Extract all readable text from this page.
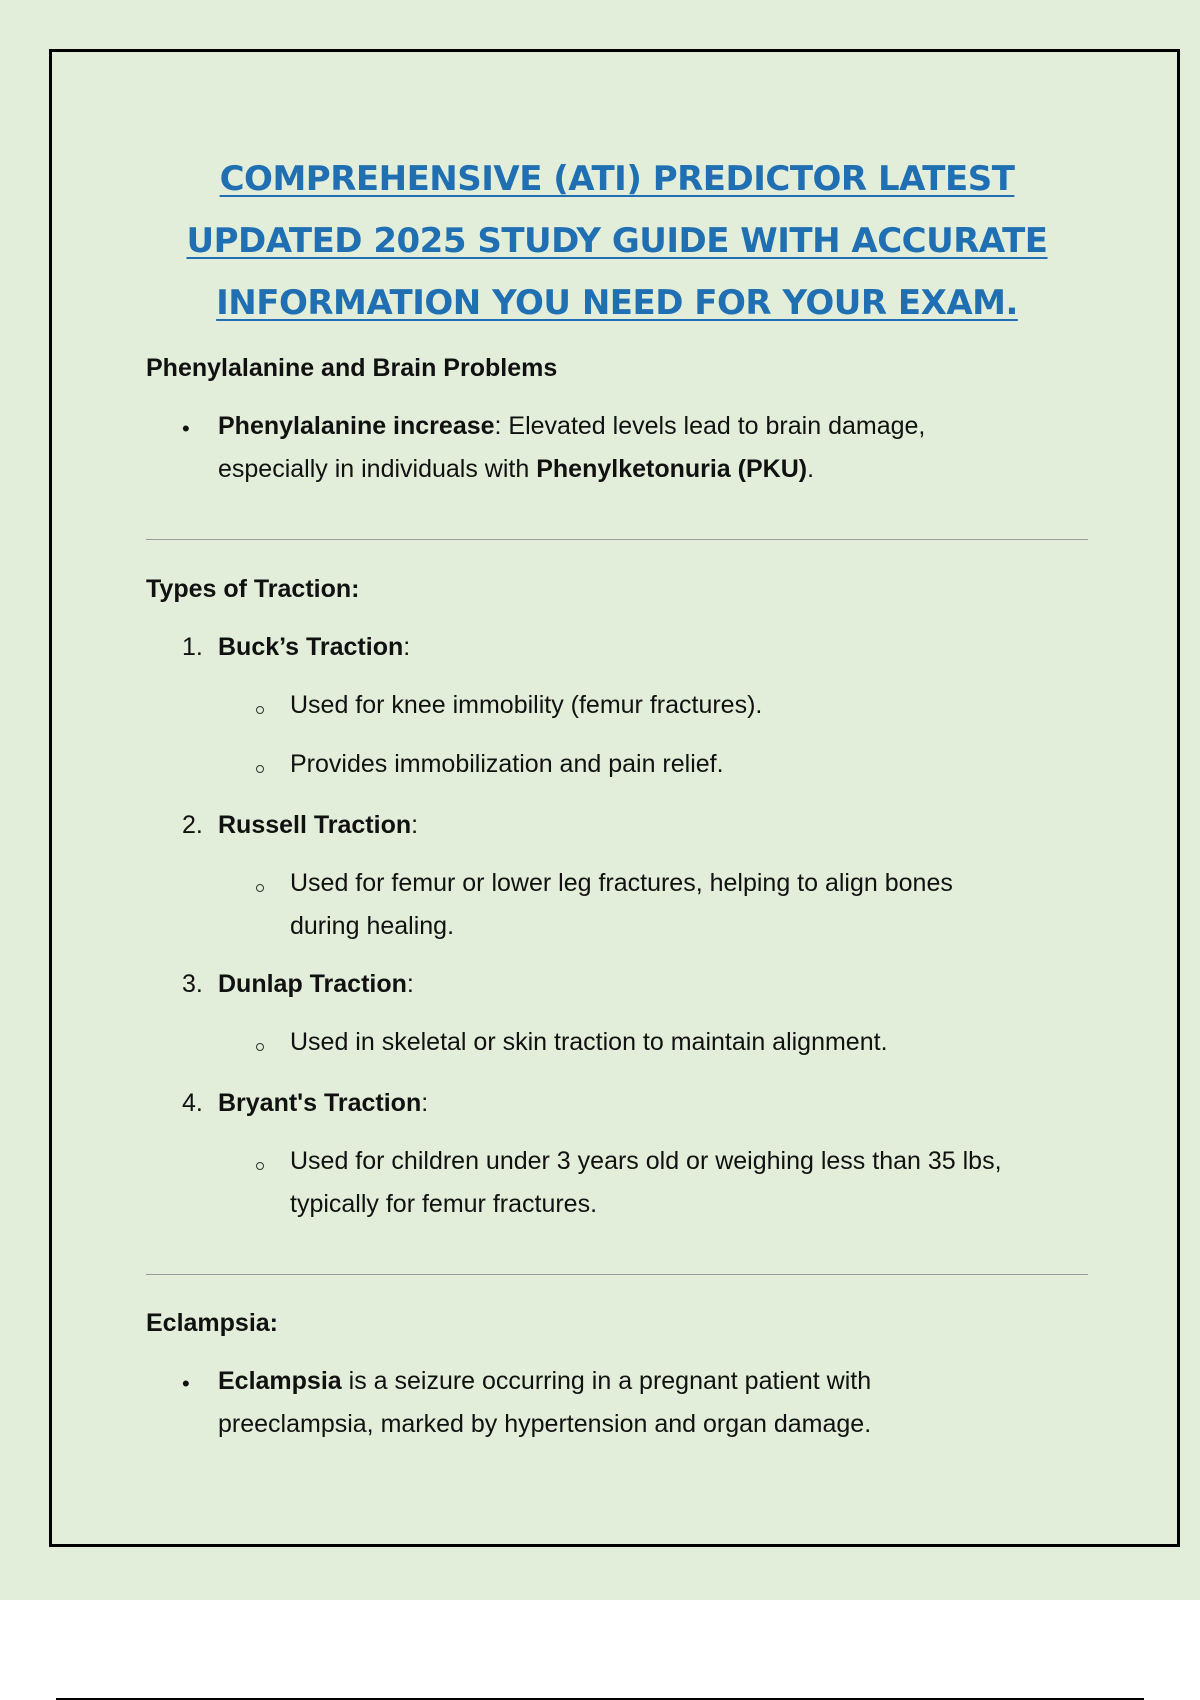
COMPREHENSIVE (ATI) PREDICTOR LATEST
UPDATED 2025 STUDY GUIDE WITH ACCURATE
INFORMATION YOU NEED FOR YOUR EXAM.
Phenylalanine and Brain Problems
• Phenylalanine increase: Elevated levels lead to brain damage,
especially in individuals with Phenylketonuria (PKU).
Types of Traction:
1. Buck’s Traction:
Used for knee immobility (femur fractures).
Provides immobilization and pain relief.
2. Russell Traction:
Used for femur or lower leg fractures, helping to align bones
during healing.
3. Dunlap Traction:
Used in skeletal or skin traction to maintain alignment.
4. Bryant's Traction:
Used for children under 3 years old or weighing less than 35 lbs,
typically for femur fractures.
Eclampsia:
• Eclampsia is a seizure occurring in a pregnant patient with
preeclampsia, marked by hypertension and organ damage.
